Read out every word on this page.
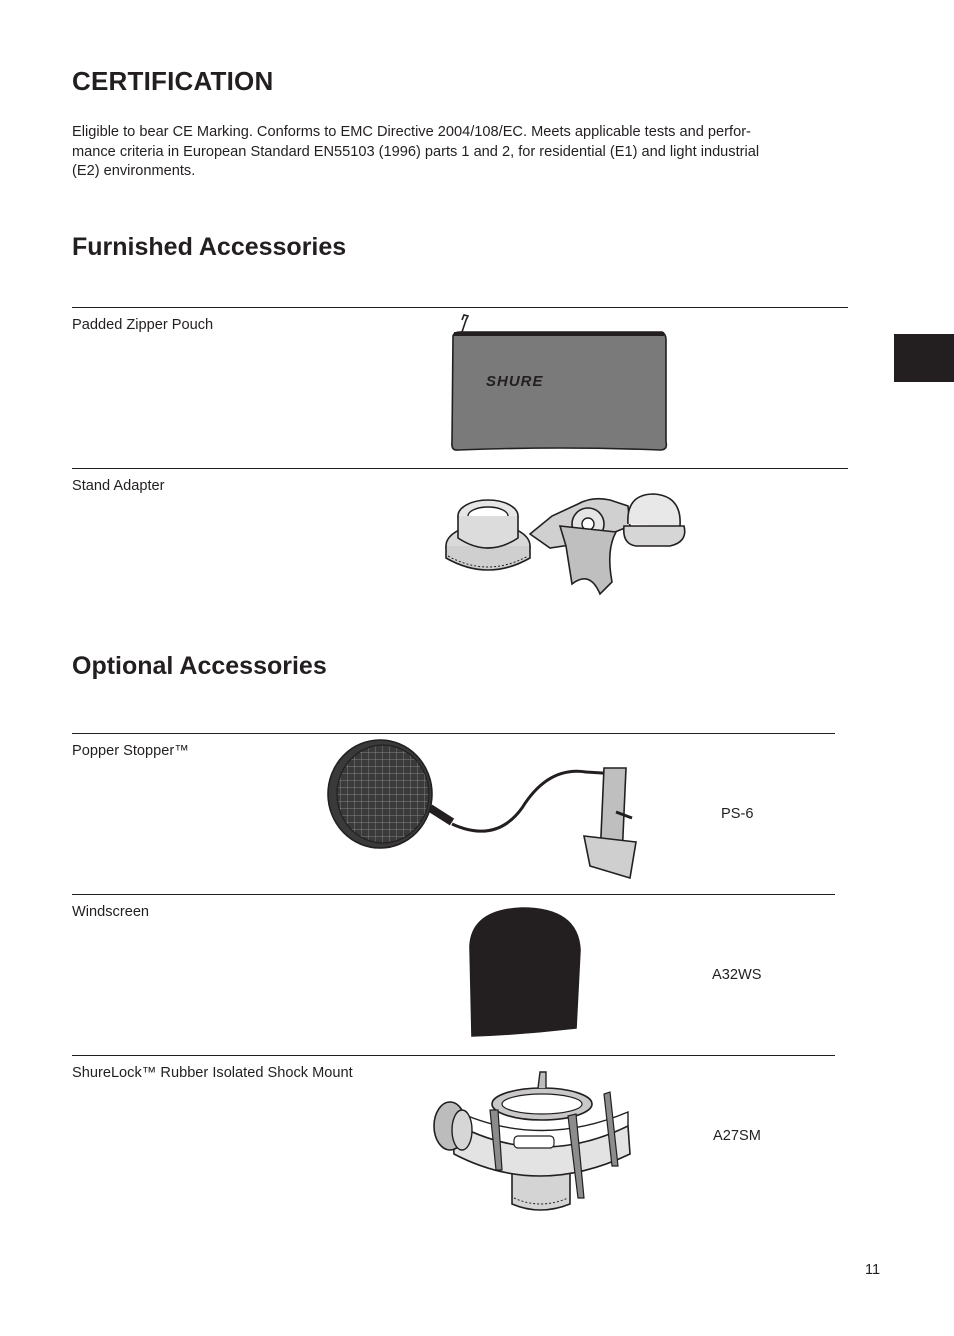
CERTIFICATION
Eligible to bear CE Marking. Conforms to EMC Directive 2004/108/EC. Meets applicable tests and perfor-
mance criteria in European Standard EN55103 (1996) parts 1 and 2, for residential (E1) and light industrial
(E2) environments.
Furnished Accessories
Padded Zipper Pouch
SHURE
Stand Adapter
Optional Accessories
Popper Stopper™
PS-6
Windscreen
A32WS
ShureLock™ Rubber Isolated Shock Mount
A27SM
11
